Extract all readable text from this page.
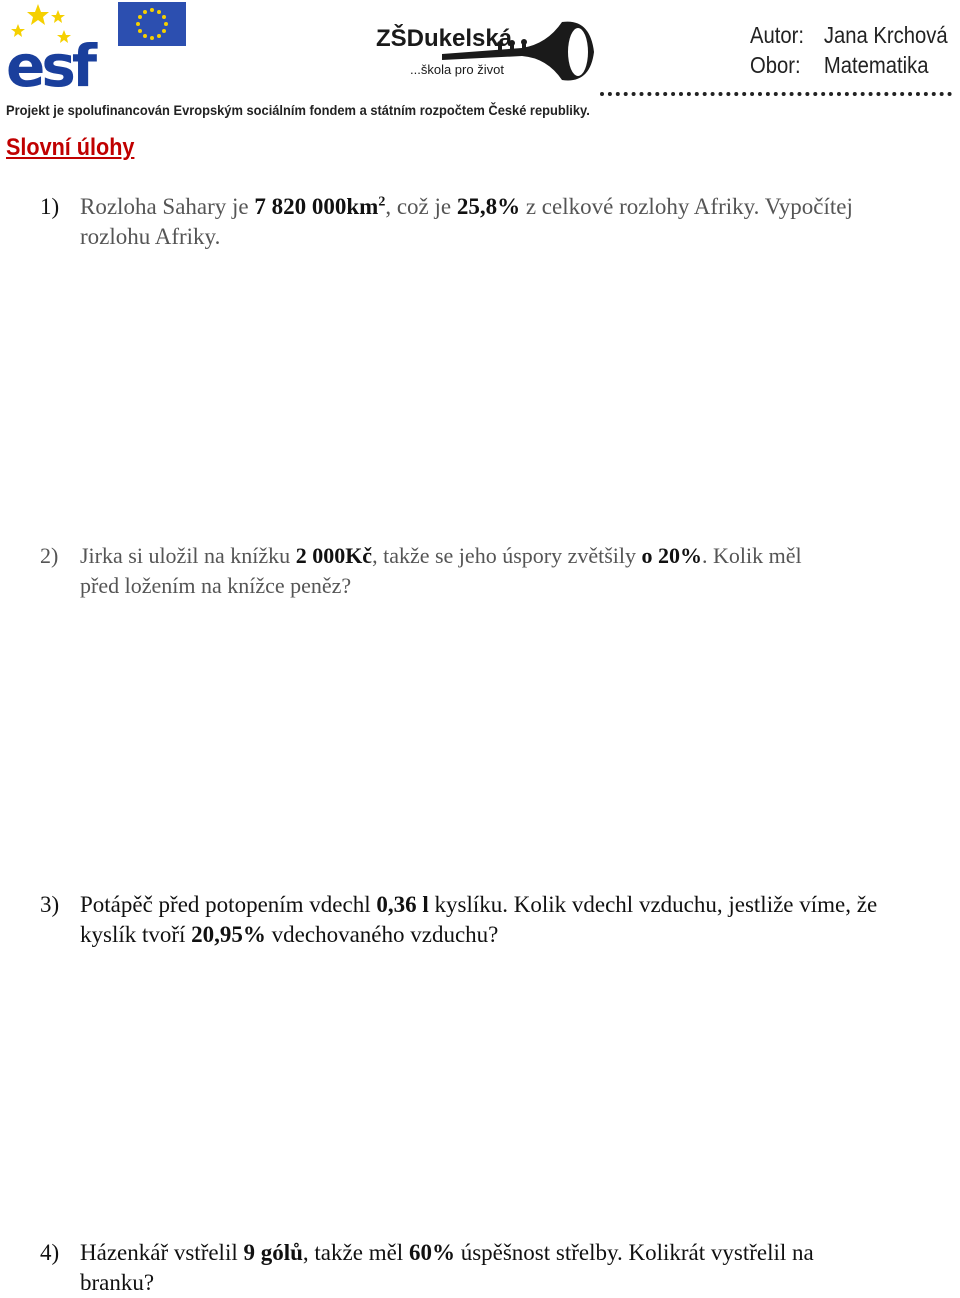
esf	ZŠDukelská
...škola pro život
Autor: Jana Krchová
Obor:	Matematika
Projekt je spolufinancován Evropským sociálním fondem a státním rozpočtem České republiky.
Slovní úlohy
1) Rozloha Sahary je 7 820 $000km^2$, což je 25,8% z celkové rozlohy Afriky. Vypočítej
rozlohu Afriky.
2) Jirka si uložil na knížku 2 000Kč, takže se jeho úspory zvětšily o 20%. Kolik měl
před ložením na knížce peněz?
3) Potápěč před potopením vdechl 0,36 l kyslíku. Kolik vdechl vzduchu, jestliže víme, že
kyslík tvoří 20,95% vdechovaného vzduchu?
4) Házenkář vstřelil 9 gólů, takže měl 60% úspěšnost střelby. Kolikrát vystřelil na
branku?
